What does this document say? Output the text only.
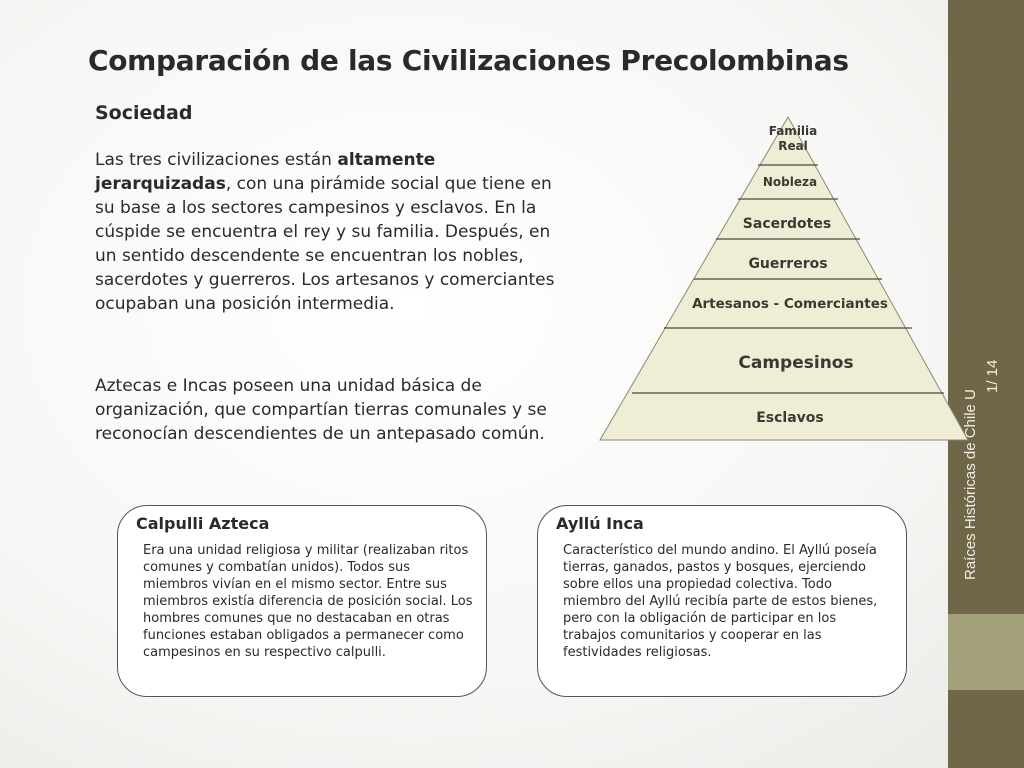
Raíces Históricas de Chile U
1/ 14
Comparación de las Civilizaciones Precolombinas
Sociedad

Las tres civilizaciones están altamente jerarquizadas, con una pirámide social que tiene en su base a los sectores campesinos y esclavos. En la cúspide se encuentra el rey y su familia. Después, en un sentido descendente se encuentran los nobles, sacerdotes y guerreros. Los artesanos y comerciantes ocupaban una posición intermedia.

Aztecas e Incas poseen una unidad básica de organización, que compartían tierras comunales y se reconocían descendientes de un antepasado común.

Familia
Real
Nobleza
Sacerdotes
Guerreros
Artesanos - Comerciantes
Campesinos
Esclavos
Calpulli Azteca

Era una unidad religiosa y militar (realizaban ritos comunes y combatían unidos). Todos sus miembros vivían en el mismo sector. Entre sus miembros existía diferencia de posición social. Los hombres comunes que no destacaban en otras funciones estaban obligados a permanecer como campesinos en su respectivo calpulli.

Ayllú Inca

Característico del mundo andino. El Ayllú poseía tierras, ganados, pastos y bosques, ejerciendo sobre ellos una propiedad colectiva. Todo miembro del Ayllú recibía parte de estos bienes, pero con la obligación de participar en los trabajos comunitarios y cooperar en las festividades religiosas.
